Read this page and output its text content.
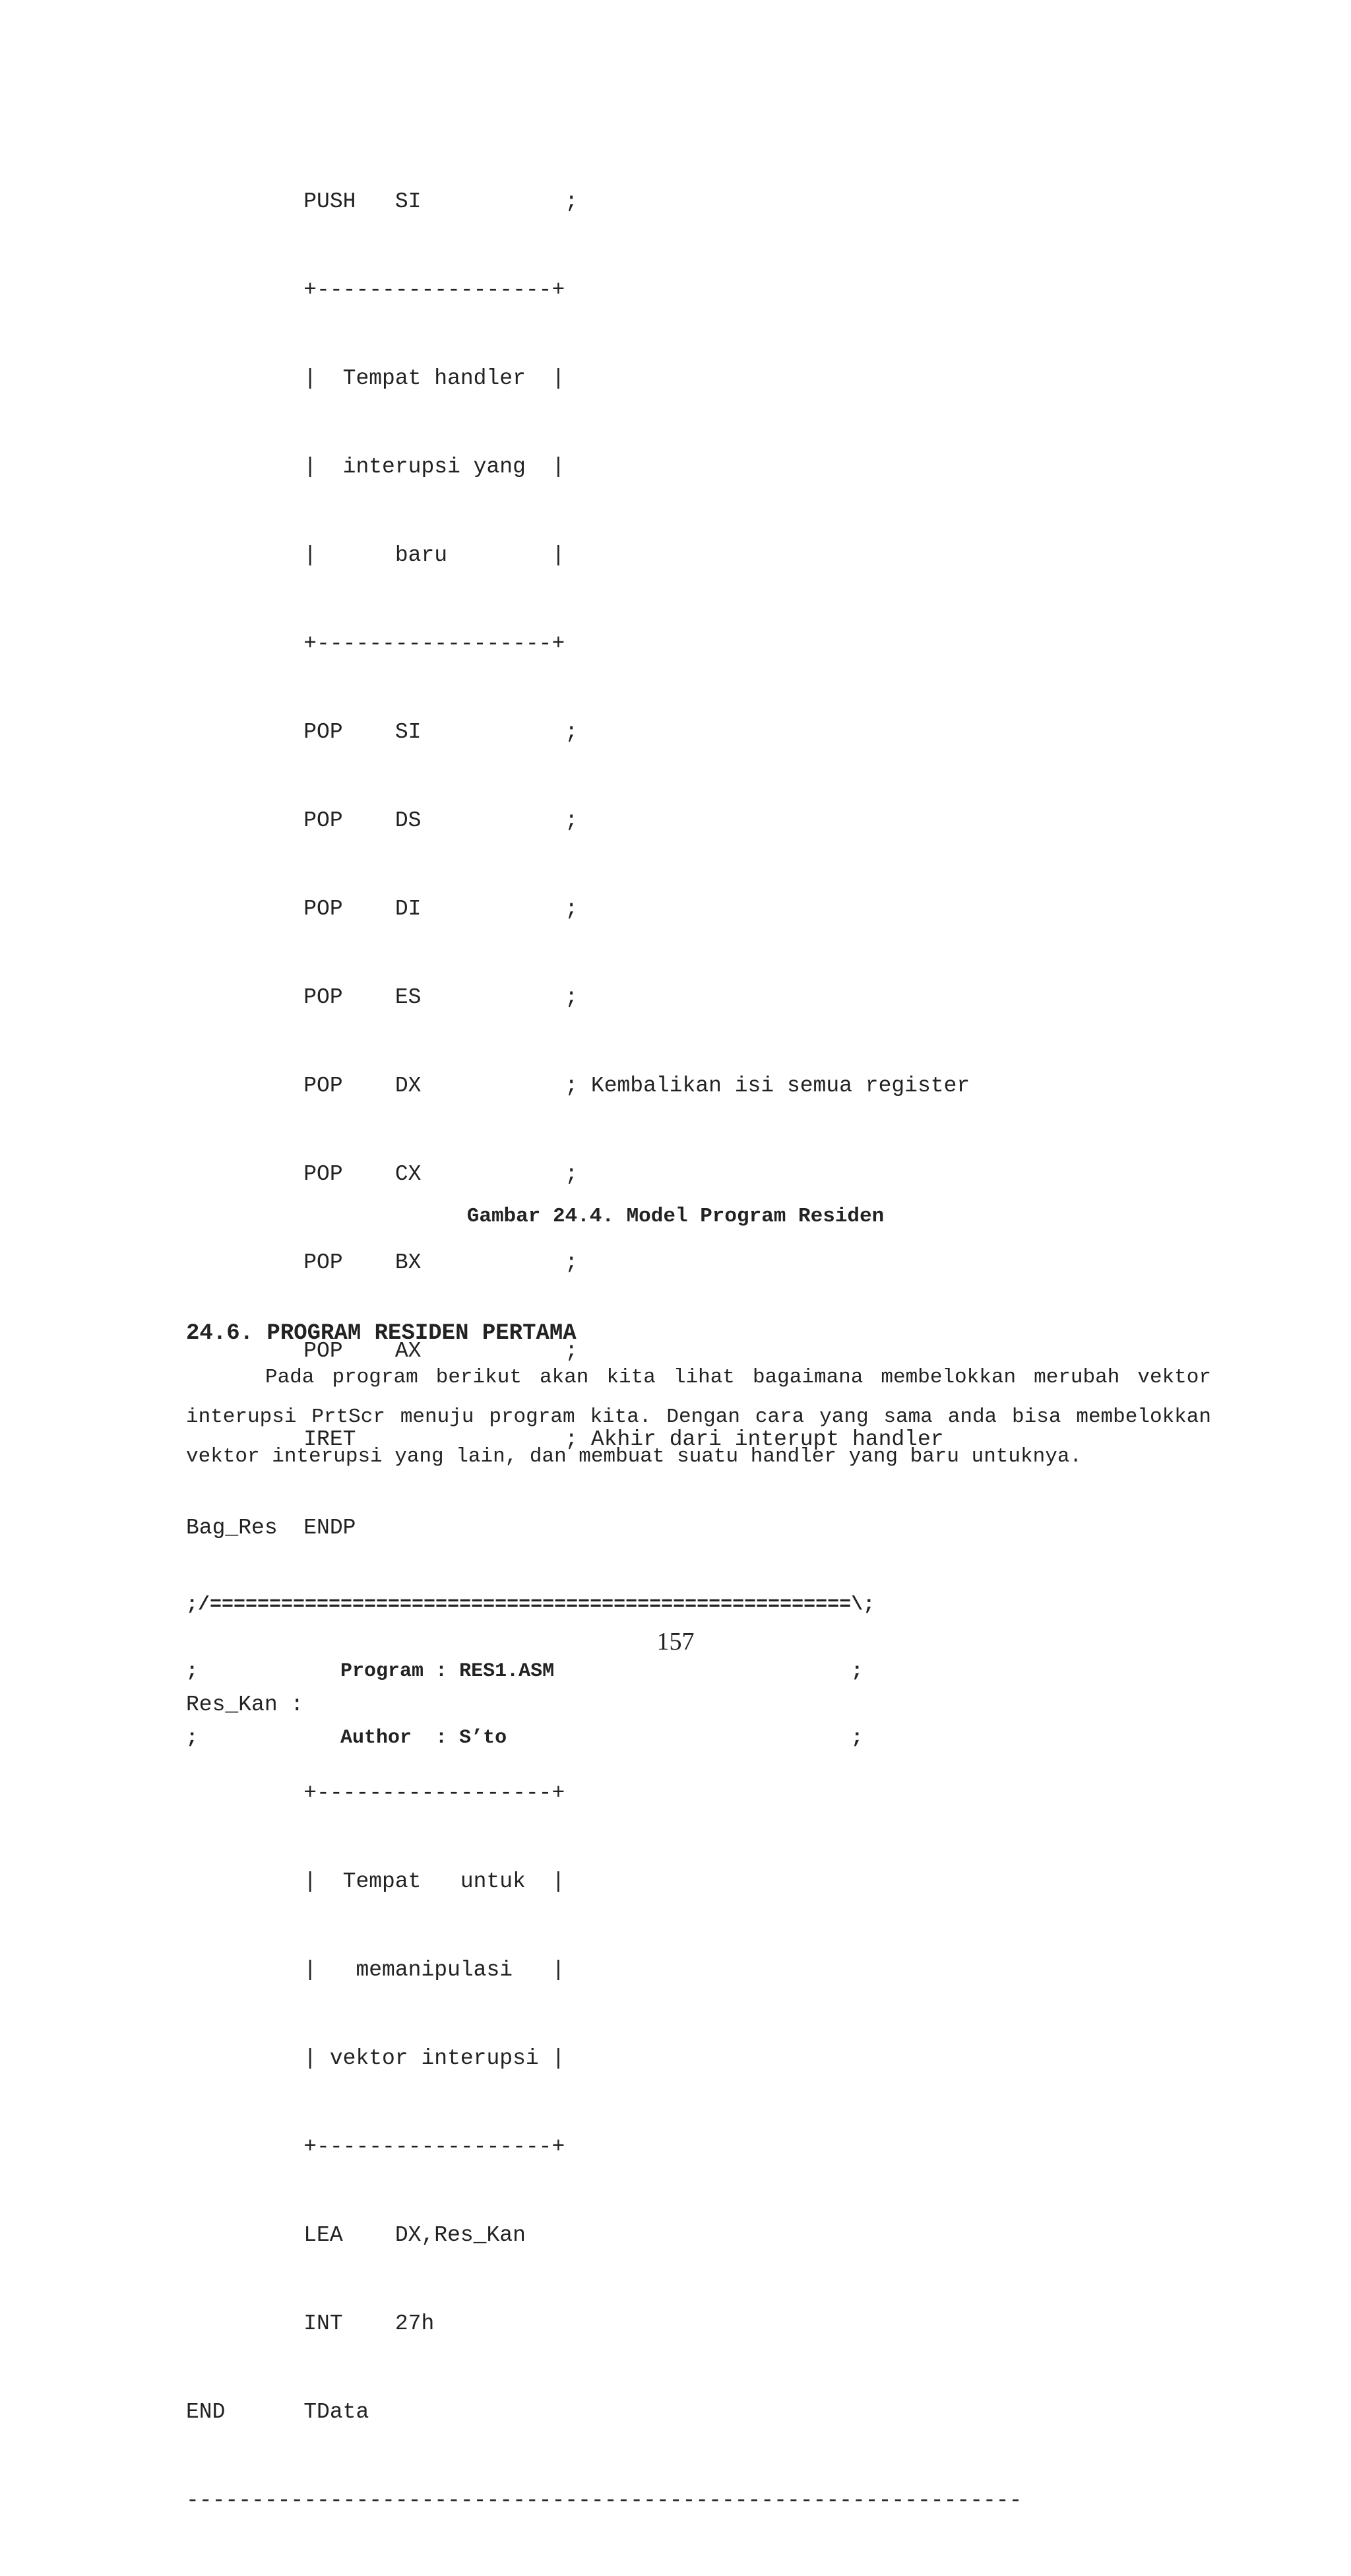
PUSH   SI           ;

+------------------+

|  Tempat handler  |

|  interupsi yang  |

|      baru        |

+------------------+

POP    SI           ;

POP    DS           ;

POP    DI           ;

POP    ES           ;

POP    DX           ; Kembalikan isi semua register

POP    CX           ;

POP    BX           ;

POP    AX           ;

IRET                ; Akhir dari interupt handler

Bag_Res  ENDP

Res_Kan :

+------------------+

|  Tempat   untuk  |

|   memanipulasi   |

| vektor interupsi |

+------------------+

LEA    DX,Res_Kan

INT    27h

END      TData

----------------------------------------------------------------

Gambar 24.4. Model Program Residen
24.6. PROGRAM RESIDEN PERTAMA
Pada program berikut akan kita lihat bagaimana membelokkan merubah vektor interupsi PrtScr menuju program kita. Dengan cara yang sama anda bisa membelokkan vektor interupsi yang lain, dan membuat suatu handler yang baru untuknya.

;/======================================================\;

;            Program : RES1.ASM                         ;

;            Author  : S’to                             ;

157
